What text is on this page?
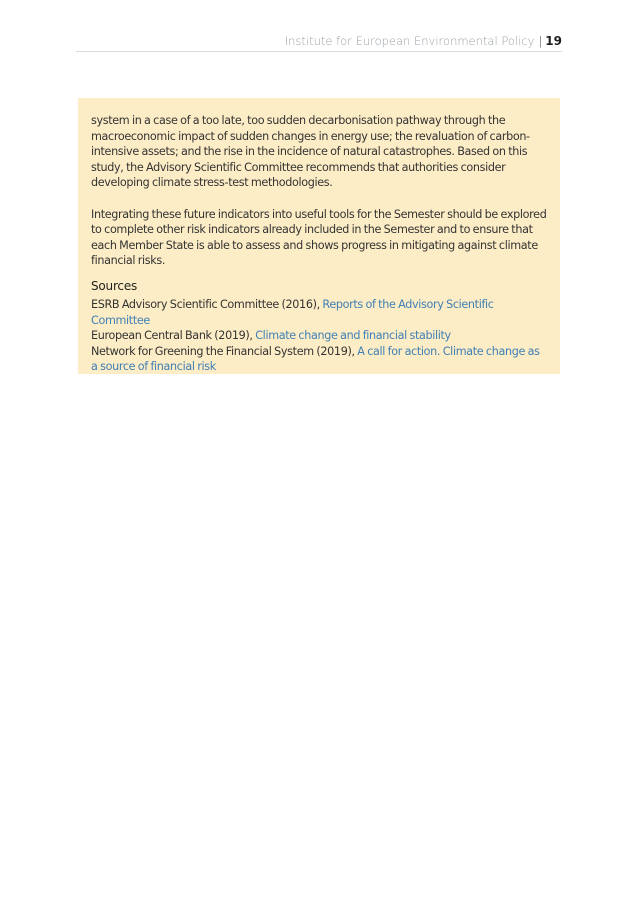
Institute for European Environmental Policy | 19

system in a case of a too late, too sudden decarbonisation pathway through the macroeconomic impact of sudden changes in energy use; the revaluation of carbon-intensive assets; and the rise in the incidence of natural catastrophes. Based on this study, the Advisory Scientific Committee recommends that authorities consider developing climate stress-test methodologies.

Integrating these future indicators into useful tools for the Semester should be explored to complete other risk indicators already included in the Semester and to ensure that each Member State is able to assess and shows progress in mitigating against climate financial risks.

Sources
ESRB Advisory Scientific Committee (2016), Reports of the Advisory Scientific Committee
European Central Bank (2019), Climate change and financial stability
Network for Greening the Financial System (2019), A call for action. Climate change as a source of financial risk
